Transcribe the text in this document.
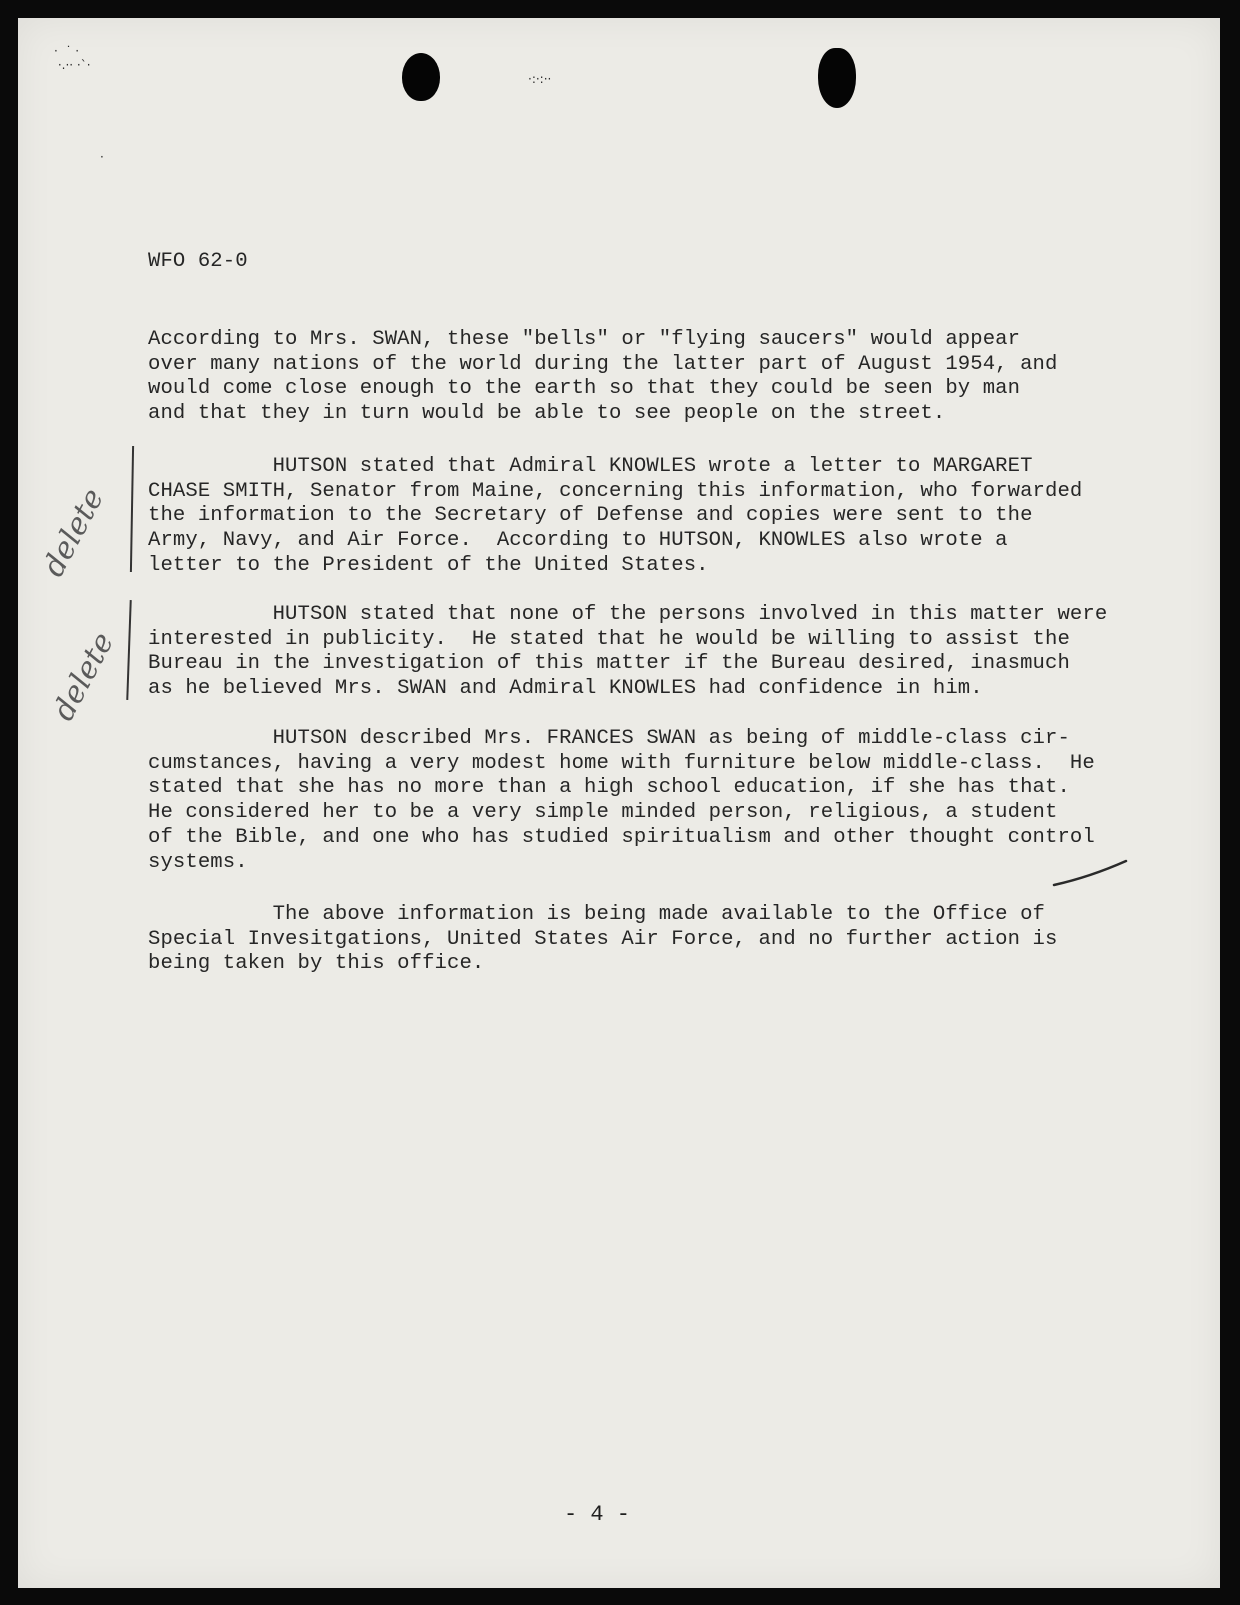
·  ˙ ·
·.·· ·ˋ·
·:·:··
·

WFO 62-0

According to Mrs. SWAN, these "bells" or "flying saucers" would appear
over many nations of the world during the latter part of August 1954, and
would come close enough to the earth so that they could be seen by man
and that they in turn would be able to see people on the street.

HUTSON stated that Admiral KNOWLES wrote a letter to MARGARET
CHASE SMITH, Senator from Maine, concerning this information, who forwarded
the information to the Secretary of Defense and copies were sent to the
Army, Navy, and Air Force.  According to HUTSON, KNOWLES also wrote a
letter to the President of the United States.

HUTSON stated that none of the persons involved in this matter were
interested in publicity.  He stated that he would be willing to assist the
Bureau in the investigation of this matter if the Bureau desired, inasmuch
as he believed Mrs. SWAN and Admiral KNOWLES had confidence in him.

HUTSON described Mrs. FRANCES SWAN as being of middle-class cir-
cumstances, having a very modest home with furniture below middle-class.  He
stated that she has no more than a high school education, if she has that.
He considered her to be a very simple minded person, religious, a student
of the Bible, and one who has studied spiritualism and other thought control
systems.

The above information is being made available to the Office of
Special Invesitgations, United States Air Force, and no further action is
being taken by this office.

delete
delete
- 4 -
